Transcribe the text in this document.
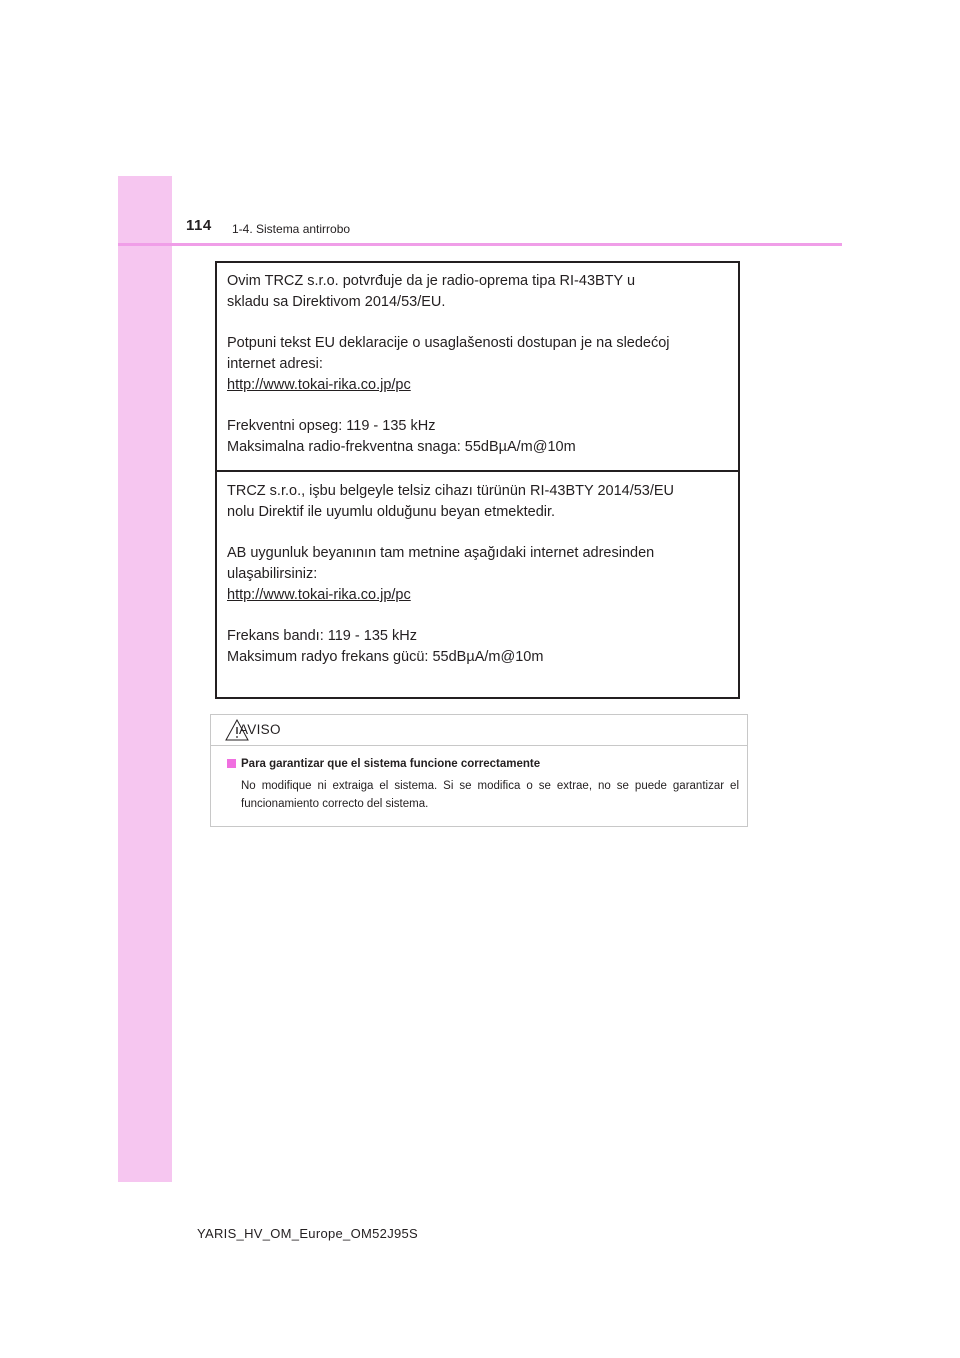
114 1-4. Sistema antirrobo

Ovim TRCZ s.r.o. potvrđuje da je radio-oprema tipa RI-43BTY u
skladu sa Direktivom 2014/53/EU.

Potpuni tekst EU deklaracije o usaglašenosti dostupan je na sledećoj
internet adresi:
http://www.tokai-rika.co.jp/pc

Frekventni opseg: 119 - 135 kHz
Maksimalna radio-frekventna snaga: 55dBµA/m@10m

TRCZ s.r.o., işbu belgeyle telsiz cihazı türünün RI-43BTY 2014/53/EU
nolu Direktif ile uyumlu olduğunu beyan etmektedir.

AB uygunluk beyanının tam metnine aşağıdaki internet adresinden
ulaşabilirsiniz:
http://www.tokai-rika.co.jp/pc

Frekans bandı: 119 - 135 kHz
Maksimum radyo frekans gücü: 55dBµA/m@10m

AVISO
Para garantizar que el sistema funcione correctamente
No modifique ni extraiga el sistema. Si se modifica o se extrae, no se puede garantizar el funcionamiento correcto del sistema.
YARIS_HV_OM_Europe_OM52J95S
